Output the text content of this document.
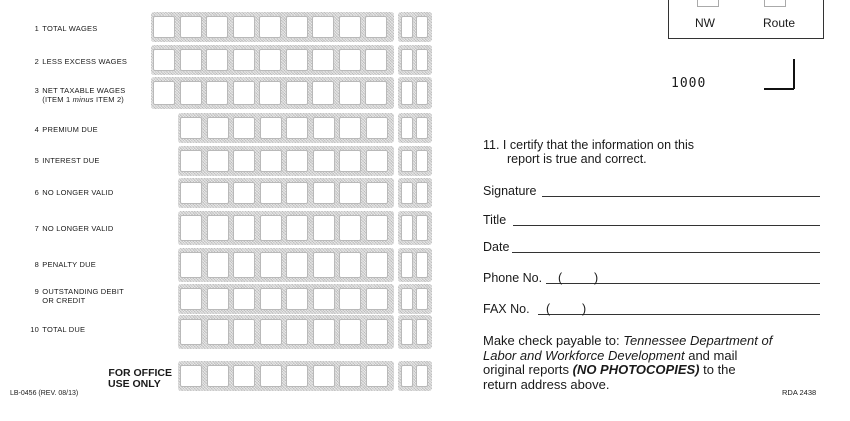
1 TOTAL WAGES
2 LESS EXCESS WAGES
3 NET TAXABLE WAGES
(ITEM 1 minus ITEM 2)
4 PREMIUM DUE
5 INTEREST DUE
6 NO LONGER VALID
7 NO LONGER VALID
8 PENALTY DUE
9 OUTSTANDING DEBIT
OR CREDIT
10 TOTAL DUE
FOR OFFICE
USE ONLY
LB-0456 (REV. 08/13)
NW	Route
1000
11. I certify that the information on this
report is true and correct.
Signature
Title
Date
Phone No. (	)
FAX No. (	)
Make check payable to: Tennessee Department of
Labor and Workforce Development and mail
original reports (NO PHOTOCOPIES) to the
return address above.
RDA 2438
